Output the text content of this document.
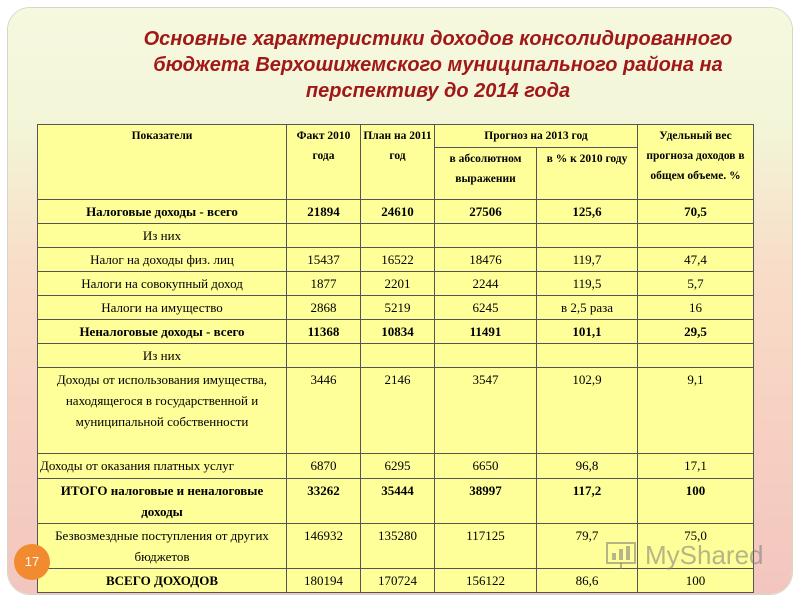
Основные характеристики доходов консолидированного
бюджета Верхошижемского муниципального района на
перспективу до 2014 года
Показатели	Факт 2010 года	План на 2011 год	Прогноз на 2013 год		Удельный вес прогноза доходов в общем объеме. %
			в абсолютном выражении	в % к 2010 году	
Налоговые доходы - всего	21894	24610	27506	125,6	70,5
Из них					
Налог на доходы физ. лиц	15437	16522	18476	119,7	47,4
Налоги на совокупный доход	1877	2201	2244	119,5	5,7
Налоги на имущество	2868	5219	6245	в 2,5 раза	16
Неналоговые доходы - всего	11368	10834	11491	101,1	29,5
Из них					
Доходы от использования имущества, находящегося в государственной и муниципальной собственности	3446	2146	3547	102,9	9,1
Доходы от оказания платных услуг	6870	6295	6650	96,8	17,1
ИТОГО налоговые и неналоговые доходы	33262	35444	38997	117,2	100
Безвозмездные поступления от других бюджетов	146932	135280	117125	79,7	75,0
ВСЕГО ДОХОДОВ	180194	170724	156122	86,6	100
17	MyShared
